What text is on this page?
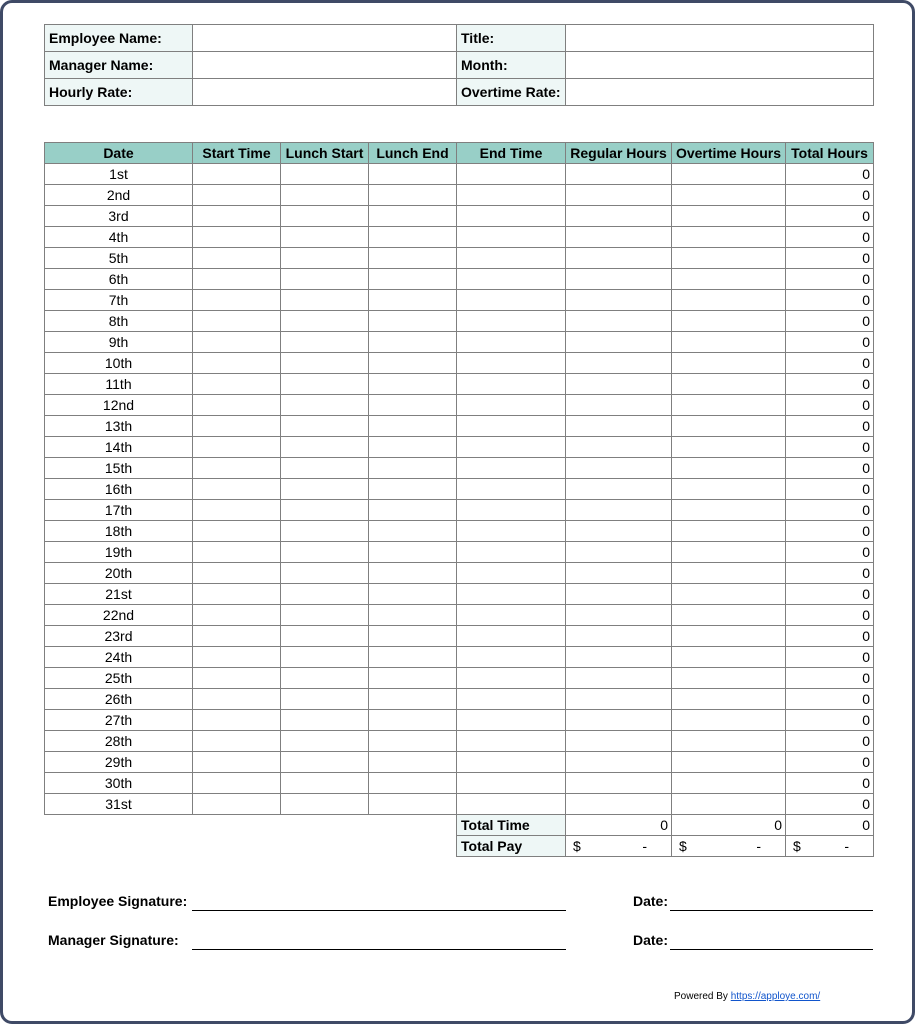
Employee Name:		Title:	
Manager Name:		Month:	
Hourly Rate:		Overtime Rate:	
Date	Start Time	Lunch Start	Lunch End	End Time	Regular Hours	Overtime Hours	Total Hours
1st							0
2nd							0
3rd							0
4th							0
5th							0
6th							0
7th							0
8th							0
9th							0
10th							0
11th							0
12nd							0
13th							0
14th							0
15th							0
16th							0
17th							0
18th							0
19th							0
20th							0
21st							0
22nd							0
23rd							0
24th							0
25th							0
26th							0
27th							0
28th							0
29th							0
30th							0
31st							0
				Total Time	0	0	0
				Total Pay	$ -	$ -	$ -
Employee Signature:	Date:
Manager Signature:	Date:
Powered By https://apploye.com/
